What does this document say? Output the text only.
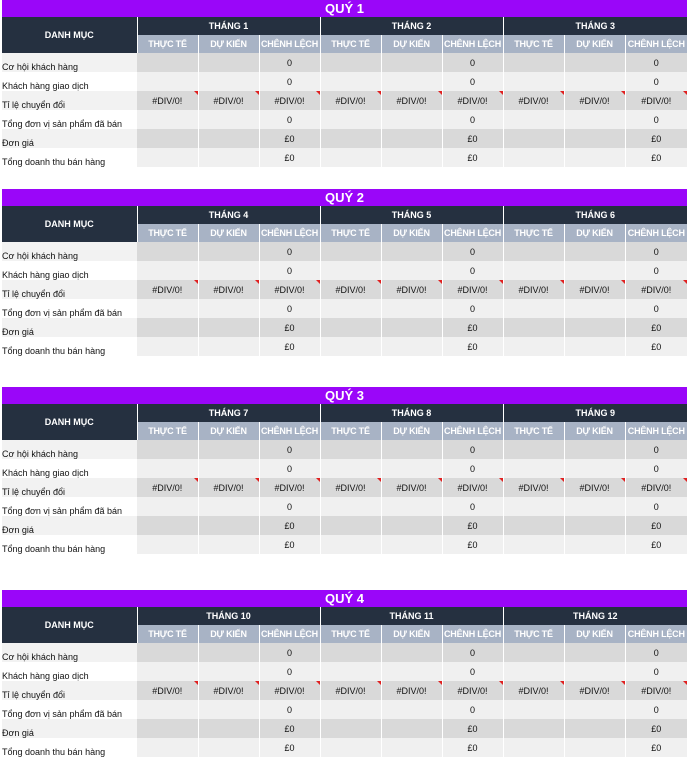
QUÝ 1
DANH MỤC	THÁNG 1			THÁNG 2			THÁNG 3		
	THỰC TẾ	DỰ KIẾN	CHÊNH LỆCH	THỰC TẾ	DỰ KIẾN	CHÊNH LỆCH	THỰC TẾ	DỰ KIẾN	CHÊNH LỆCH
Cơ hội khách hàng			0			0			0
Khách hàng giao dịch			0			0			0
Tỉ lệ chuyển đổi	#DIV/0!	#DIV/0!	#DIV/0!	#DIV/0!	#DIV/0!	#DIV/0!	#DIV/0!	#DIV/0!	#DIV/0!

Tổng đơn vị sản phẩm đã bán			0			0			0
Đơn giá			£0			£0			£0
Tổng doanh thu bán hàng			£0			£0			£0
QUÝ 2
DANH MỤC	THÁNG 4			THÁNG 5			THÁNG 6		
	THỰC TẾ	DỰ KIẾN	CHÊNH LỆCH	THỰC TẾ	DỰ KIẾN	CHÊNH LỆCH	THỰC TẾ	DỰ KIẾN	CHÊNH LỆCH
Cơ hội khách hàng			0			0			0
Khách hàng giao dịch			0			0			0
Tỉ lệ chuyển đổi	#DIV/0!	#DIV/0!	#DIV/0!	#DIV/0!	#DIV/0!	#DIV/0!	#DIV/0!	#DIV/0!	#DIV/0!

Tổng đơn vị sản phẩm đã bán			0			0			0
Đơn giá			£0			£0			£0
Tổng doanh thu bán hàng			£0			£0			£0
QUÝ 3
DANH MỤC	THÁNG 7			THÁNG 8			THÁNG 9		
	THỰC TẾ	DỰ KIẾN	CHÊNH LỆCH	THỰC TẾ	DỰ KIẾN	CHÊNH LỆCH	THỰC TẾ	DỰ KIẾN	CHÊNH LỆCH
Cơ hội khách hàng			0			0			0
Khách hàng giao dịch			0			0			0
Tỉ lệ chuyển đổi	#DIV/0!	#DIV/0!	#DIV/0!	#DIV/0!	#DIV/0!	#DIV/0!	#DIV/0!	#DIV/0!	#DIV/0!

Tổng đơn vị sản phẩm đã bán			0			0			0
Đơn giá			£0			£0			£0
Tổng doanh thu bán hàng			£0			£0			£0
QUÝ 4
DANH MỤC	THÁNG 10			THÁNG 11			THÁNG 12		
	THỰC TẾ	DỰ KIẾN	CHÊNH LỆCH	THỰC TẾ	DỰ KIẾN	CHÊNH LỆCH	THỰC TẾ	DỰ KIẾN	CHÊNH LỆCH
Cơ hội khách hàng			0			0			0
Khách hàng giao dịch			0			0			0
Tỉ lệ chuyển đổi	#DIV/0!	#DIV/0!	#DIV/0!	#DIV/0!	#DIV/0!	#DIV/0!	#DIV/0!	#DIV/0!	#DIV/0!

Tổng đơn vị sản phẩm đã bán			0			0			0
Đơn giá			£0			£0			£0
Tổng doanh thu bán hàng			£0			£0			£0
